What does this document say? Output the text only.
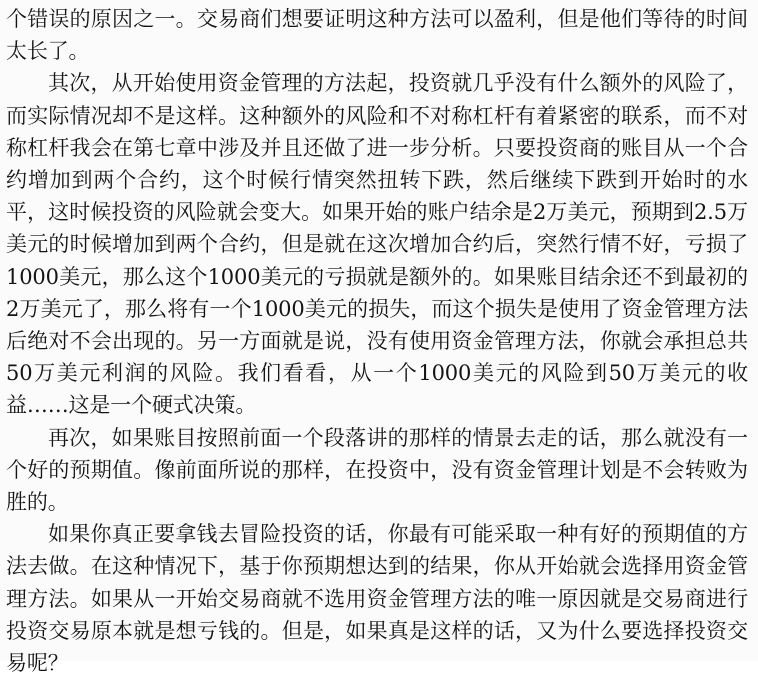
个错误的原因之一。交易商们想要证明这种方法可以盈利，但是他们等待的时间太长了。

其次，从开始使用资金管理的方法起，投资就几乎没有什么额外的风险了，而实际情况却不是这样。这种额外的风险和不对称杠杆有着紧密的联系，而不对称杠杆我会在第七章中涉及并且还做了进一步分析。只要投资商的账目从一个合约增加到两个合约，这个时候行情突然扭转下跌，然后继续下跌到开始时的水平，这时候投资的风险就会变大。如果开始的账户结余是2万美元，预期到2.5万美元的时候增加到两个合约，但是就在这次增加合约后，突然行情不好，亏损了1000美元，那么这个1000美元的亏损就是额外的。如果账目结余还不到最初的2万美元了，那么将有一个1000美元的损失，而这个损失是使用了资金管理方法后绝对不会出现的。另一方面就是说，没有使用资金管理方法，你就会承担总共50万美元利润的风险。我们看看，从一个1000美元的风险到50万美元的收益……这是一个硬式决策。

再次，如果账目按照前面一个段落讲的那样的情景去走的话，那么就没有一个好的预期值。像前面所说的那样，在投资中，没有资金管理计划是不会转败为胜的。

如果你真正要拿钱去冒险投资的话，你最有可能采取一种有好的预期值的方法去做。在这种情况下，基于你预期想达到的结果，你从开始就会选择用资金管理方法。如果从一开始交易商就不选用资金管理方法的唯一原因就是交易商进行投资交易原本就是想亏钱的。但是，如果真是这样的话，又为什么要选择投资交易呢？
